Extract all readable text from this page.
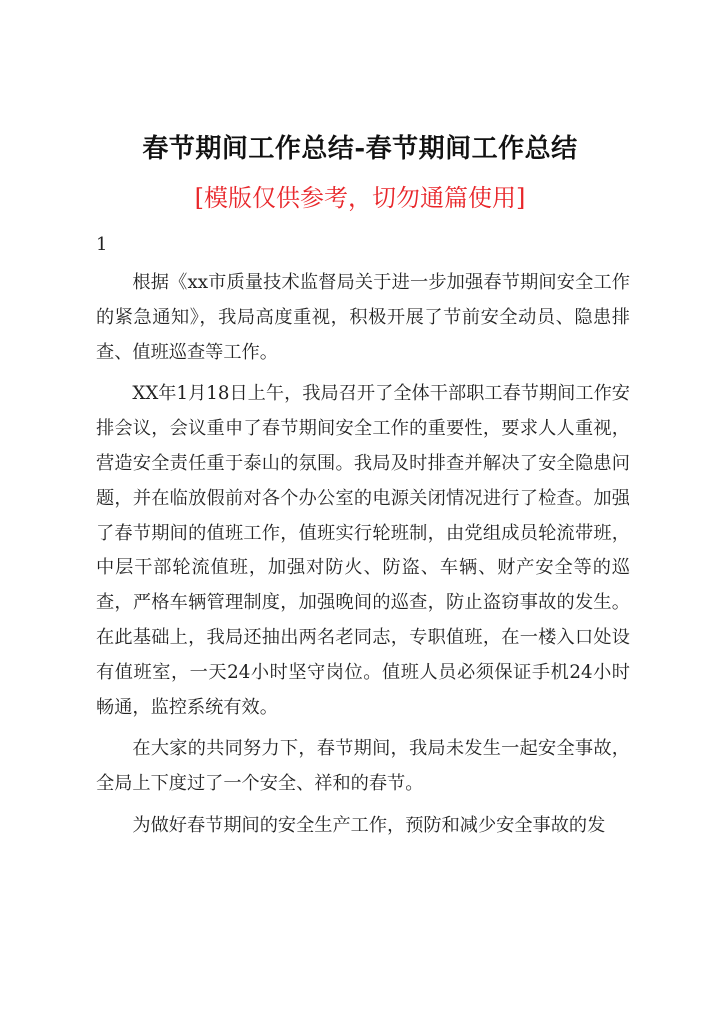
春节期间工作总结-春节期间工作总结
[模版仅供参考，切勿通篇使用]
1

根据《xx市质量技术监督局关于进一步加强春节期间安全工作的紧急通知》，我局高度重视，积极开展了节前安全动员、隐患排查、值班巡查等工作。

XX年1月18日上午，我局召开了全体干部职工春节期间工作安排会议，会议重申了春节期间安全工作的重要性，要求人人重视，营造安全责任重于泰山的氛围。我局及时排查并解决了安全隐患问题，并在临放假前对各个办公室的电源关闭情况进行了检查。加强了春节期间的值班工作，值班实行轮班制，由党组成员轮流带班，中层干部轮流值班，加强对防火、防盗、车辆、财产安全等的巡查，严格车辆管理制度，加强晚间的巡查，防止盗窃事故的发生。在此基础上，我局还抽出两名老同志，专职值班，在一楼入口处设有值班室，一天24小时坚守岗位。值班人员必须保证手机24小时畅通，监控系统有效。

在大家的共同努力下，春节期间，我局未发生一起安全事故，全局上下度过了一个安全、祥和的春节。

为做好春节期间的安全生产工作，预防和减少安全事故的发
